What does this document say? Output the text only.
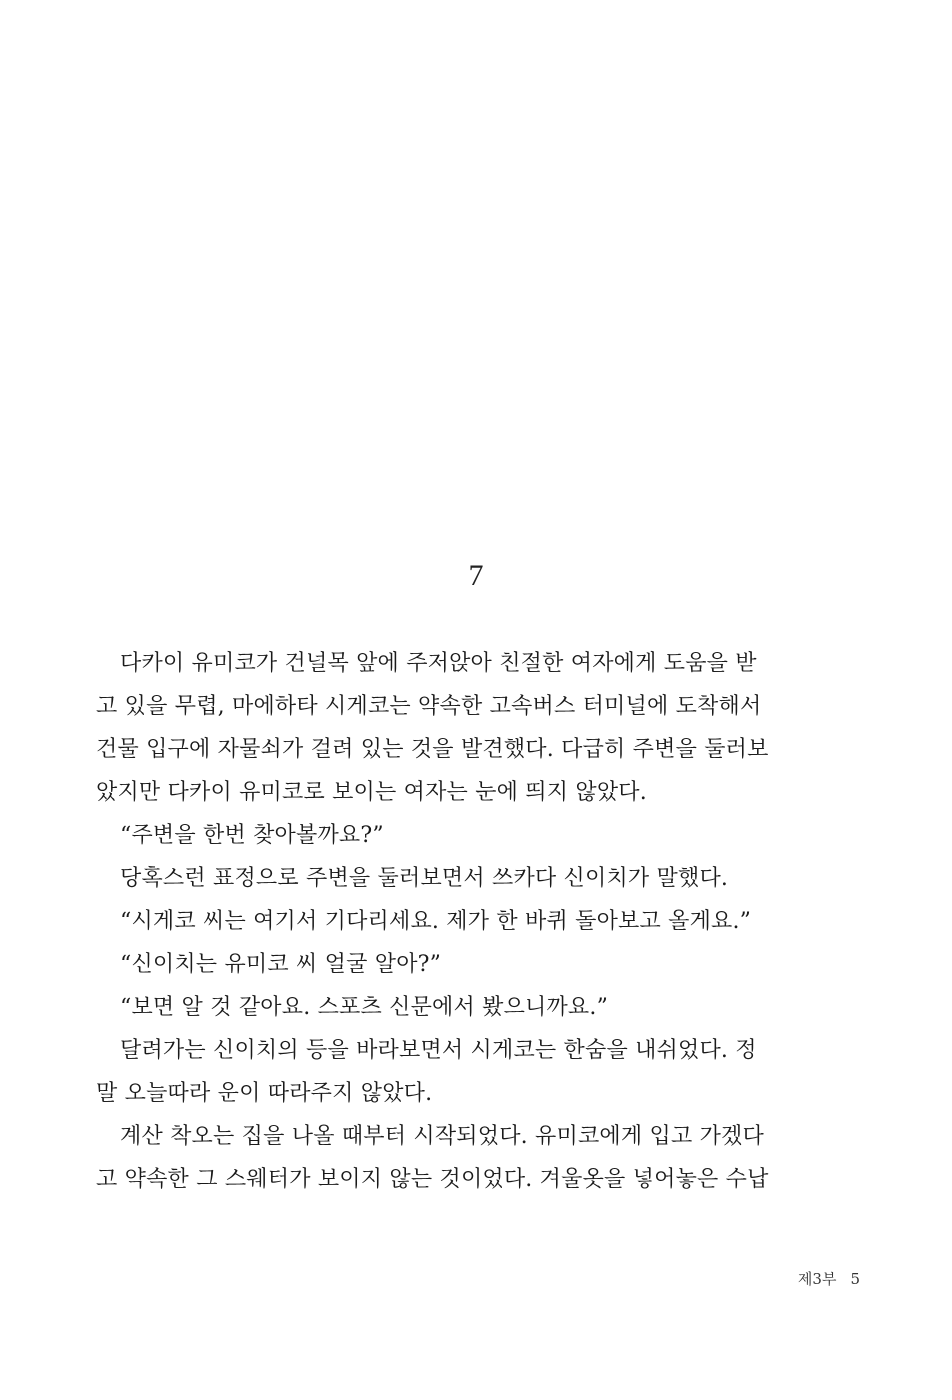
7
다카이 유미코가 건널목 앞에 주저앉아 친절한 여자에게 도움을 받
고 있을 무렵, 마에하타 시게코는 약속한 고속버스 터미널에 도착해서
건물 입구에 자물쇠가 걸려 있는 것을 발견했다. 다급히 주변을 둘러보
았지만 다카이 유미코로 보이는 여자는 눈에 띄지 않았다.
“주변을 한번 찾아볼까요?”
당혹스런 표정으로 주변을 둘러보면서 쓰카다 신이치가 말했다.
“시게코 씨는 여기서 기다리세요. 제가 한 바퀴 돌아보고 올게요.”
“신이치는 유미코 씨 얼굴 알아?”
“보면 알 것 같아요. 스포츠 신문에서 봤으니까요.”
달려가는 신이치의 등을 바라보면서 시게코는 한숨을 내쉬었다. 정
말 오늘따라 운이 따라주지 않았다.
계산 착오는 집을 나올 때부터 시작되었다. 유미코에게 입고 가겠다
고 약속한 그 스웨터가 보이지 않는 것이었다. 겨울옷을 넣어놓은 수납
제3부 5
